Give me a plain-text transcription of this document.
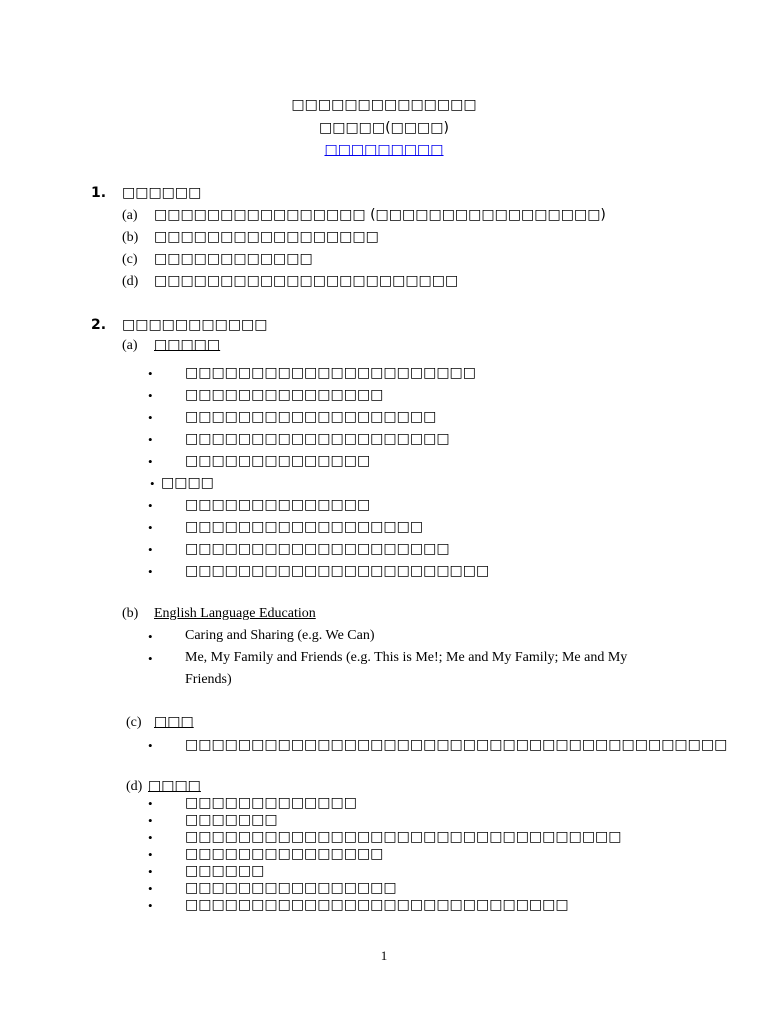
□□□□□□□□□□□□□□
□□□□□(□□□□)
□□□□□□□□□
1. □□□□□□
(a) □□□□□□□□□□□□□□□□ (□□□□□□□□□□□□□□□□□)
(b) □□□□□□□□□□□□□□□□□
(c) □□□□□□□□□□□□
(d) □□□□□□□□□□□□□□□□□□□□□□□
2. □□□□□□□□□□□
(a) □□□□□
• □□□□□□□□□□□□□□□□□□□□□□
• □□□□□□□□□□□□□□□
• □□□□□□□□□□□□□□□□□□□
• □□□□□□□□□□□□□□□□□□□□
• □□□□□□□□□□□□□□
• □□□□
• □□□□□□□□□□□□□□
• □□□□□□□□□□□□□□□□□□
• □□□□□□□□□□□□□□□□□□□□
• □□□□□□□□□□□□□□□□□□□□□□□
(b) English Language Education
• Caring and Sharing (e.g. We Can)
• Me, My Family and Friends (e.g. This is Me!; Me and My Family; Me and My
Friends)
(c) □□□
• □□□□□□□□□□□□□□□□□□□□□□□□□□□□□□□□□□□□□□□□□
(d) □□□□
• □□□□□□□□□□□□□
• □□□□□□□
• □□□□□□□□□□□□□□□□□□□□□□□□□□□□□□□□□
• □□□□□□□□□□□□□□□
• □□□□□□
• □□□□□□□□□□□□□□□□
• □□□□□□□□□□□□□□□□□□□□□□□□□□□□□
1
